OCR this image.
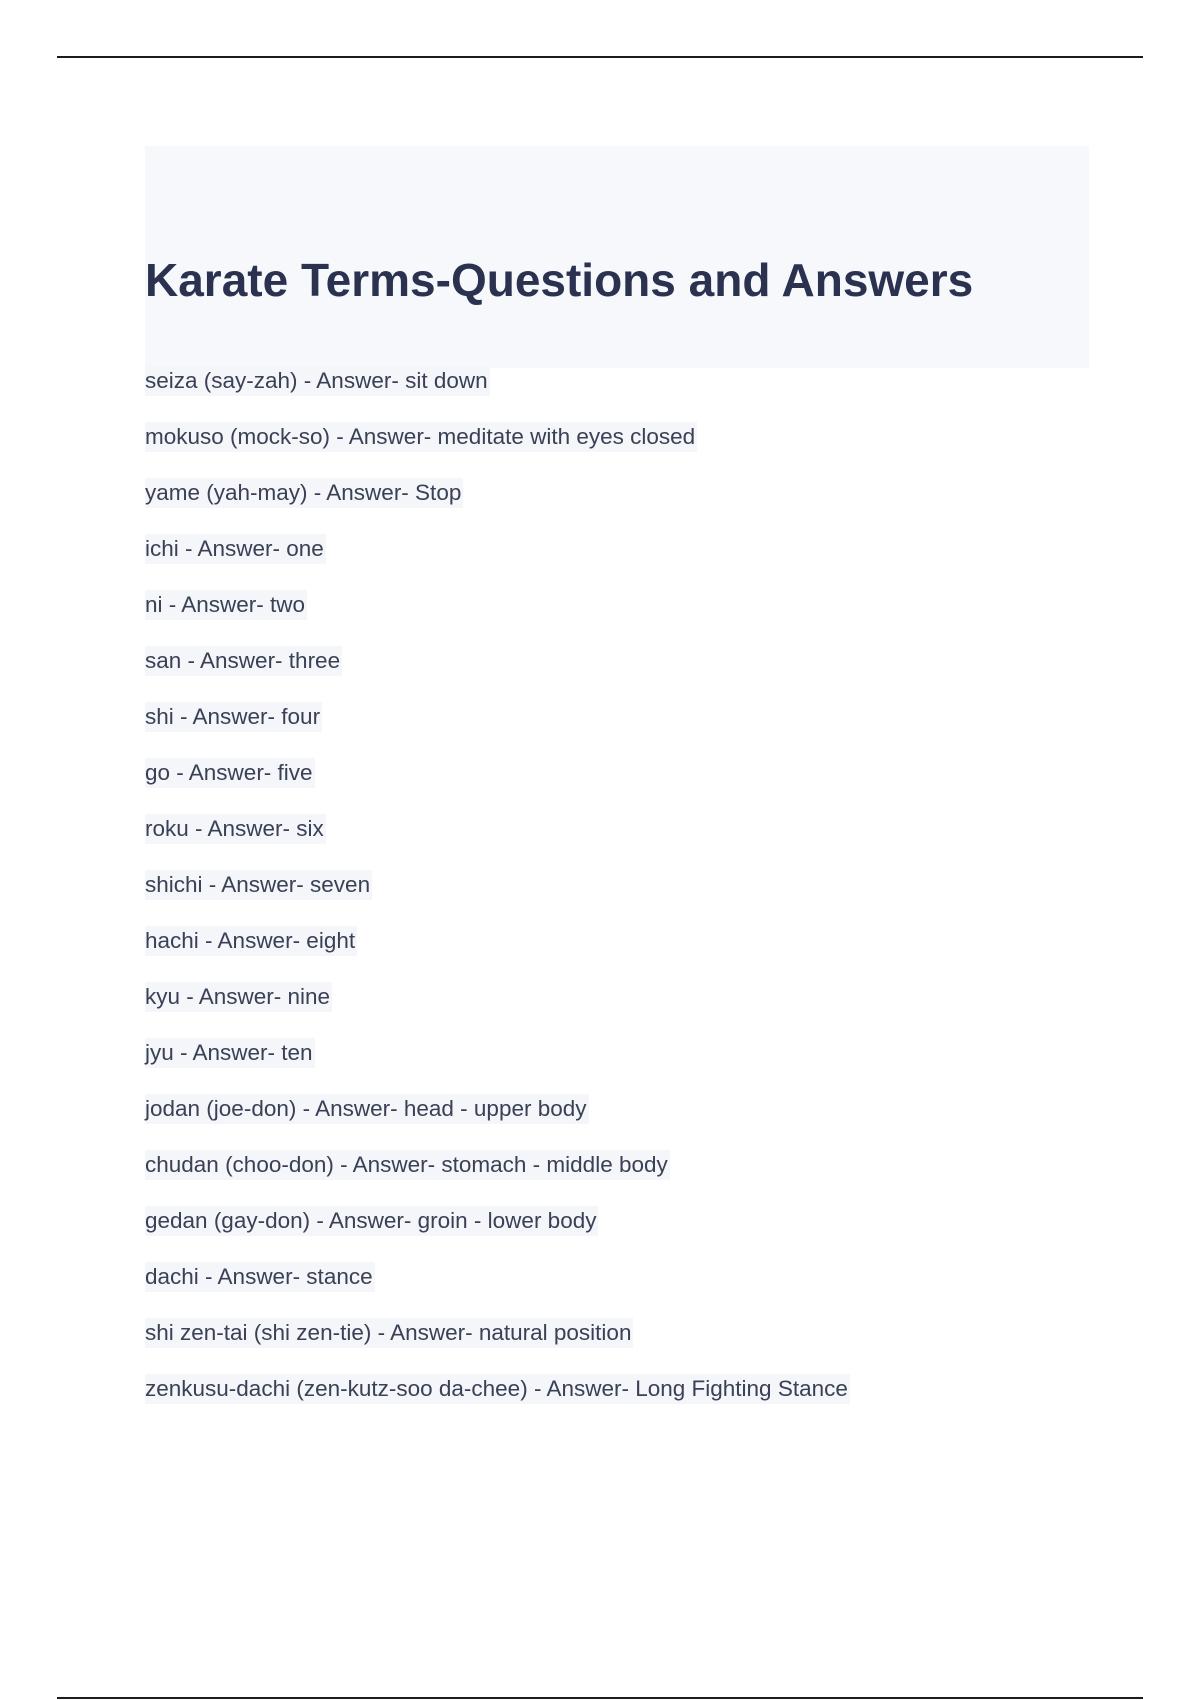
Karate Terms-Questions and Answers
seiza (say-zah) - Answer- sit down
mokuso (mock-so) - Answer- meditate with eyes closed
yame (yah-may) - Answer- Stop
ichi - Answer- one
ni - Answer- two
san - Answer- three
shi - Answer- four
go - Answer- five
roku - Answer- six
shichi - Answer- seven
hachi - Answer- eight
kyu - Answer- nine
jyu - Answer- ten
jodan (joe-don) - Answer- head - upper body
chudan (choo-don) - Answer- stomach - middle body
gedan (gay-don) - Answer- groin - lower body
dachi - Answer- stance
shi zen-tai (shi zen-tie) - Answer- natural position
zenkusu-dachi (zen-kutz-soo da-chee) - Answer- Long Fighting Stance
